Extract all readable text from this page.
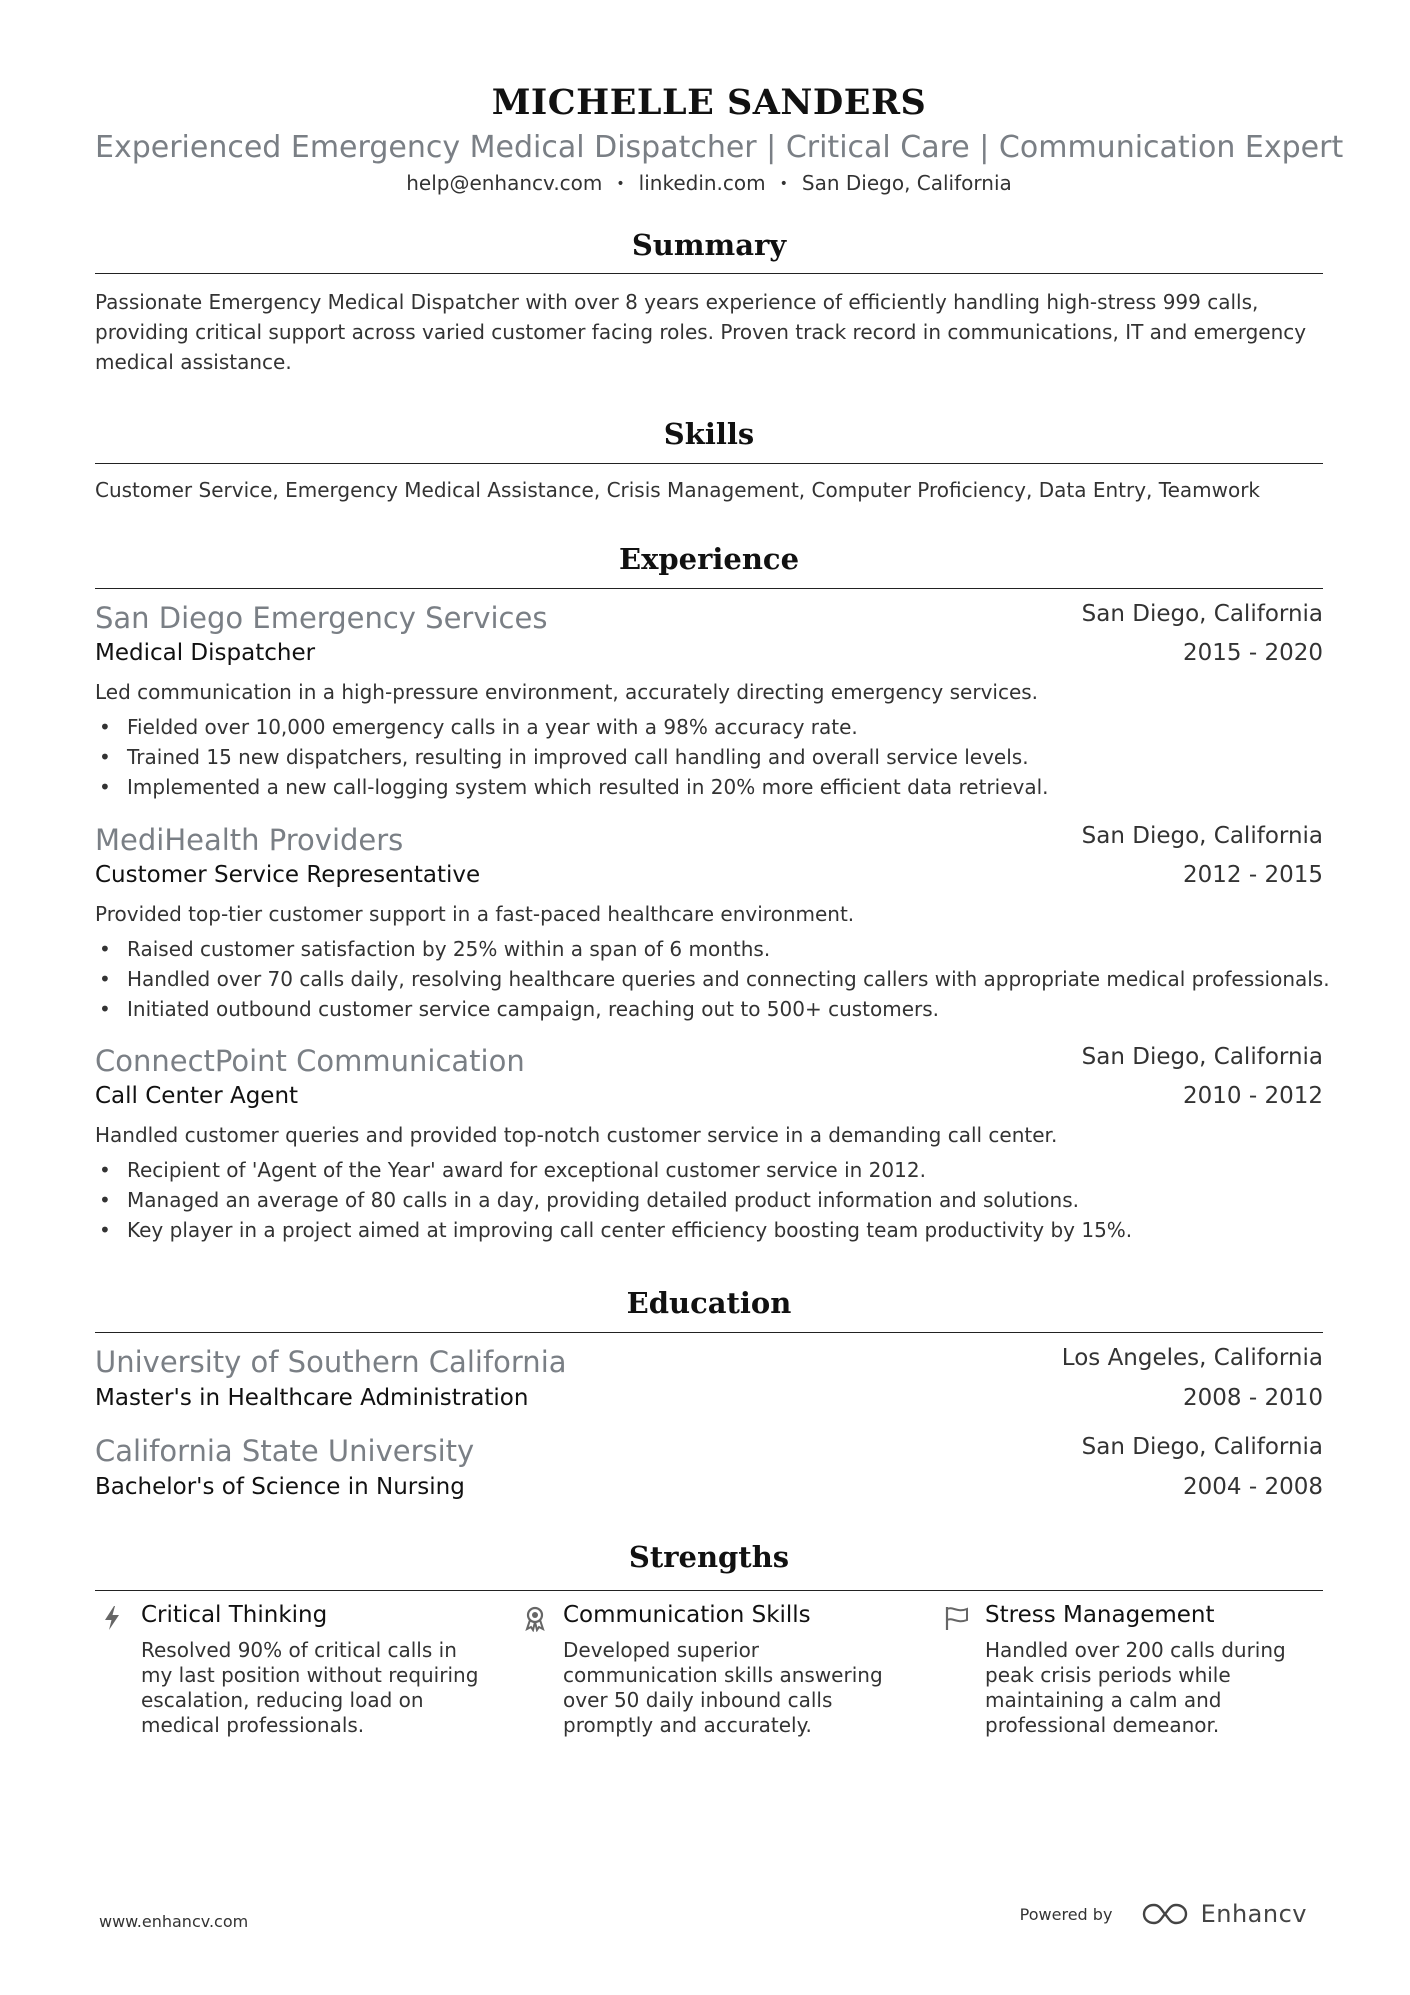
MICHELLE SANDERS
Experienced Emergency Medical Dispatcher | Critical Care | Communication Expert
help@enhancv.com • linkedin.com • San Diego, California
Summary
Passionate Emergency Medical Dispatcher with over 8 years experience of efficiently handling high-stress 999 calls, providing critical support across varied customer facing roles. Proven track record in communications, IT and emergency medical assistance.
Skills
Customer Service, Emergency Medical Assistance, Crisis Management, Computer Proficiency, Data Entry, Teamwork
Experience
San Diego Emergency Services	San Diego, California
Medical Dispatcher	2015 - 2020
Led communication in a high-pressure environment, accurately directing emergency services.
• Fielded over 10,000 emergency calls in a year with a 98% accuracy rate.
• Trained 15 new dispatchers, resulting in improved call handling and overall service levels.
• Implemented a new call-logging system which resulted in 20% more efficient data retrieval.
MediHealth Providers	San Diego, California
Customer Service Representative	2012 - 2015
Provided top-tier customer support in a fast-paced healthcare environment.
• Raised customer satisfaction by 25% within a span of 6 months.
• Handled over 70 calls daily, resolving healthcare queries and connecting callers with appropriate medical professionals.
• Initiated outbound customer service campaign, reaching out to 500+ customers.
ConnectPoint Communication	San Diego, California
Call Center Agent	2010 - 2012
Handled customer queries and provided top-notch customer service in a demanding call center.
• Recipient of 'Agent of the Year' award for exceptional customer service in 2012.
• Managed an average of 80 calls in a day, providing detailed product information and solutions.
• Key player in a project aimed at improving call center efficiency boosting team productivity by 15%.
Education
University of Southern California	Los Angeles, California
Master's in Healthcare Administration	2008 - 2010
California State University	San Diego, California
Bachelor's of Science in Nursing	2004 - 2008
Strengths
Critical Thinking
Resolved 90% of critical calls in my last position without requiring escalation, reducing load on medical professionals.
Communication Skills
Developed superior communication skills answering over 50 daily inbound calls promptly and accurately.
Stress Management
Handled over 200 calls during peak crisis periods while maintaining a calm and professional demeanor.
www.enhancv.com	Powered by	Enhancv
